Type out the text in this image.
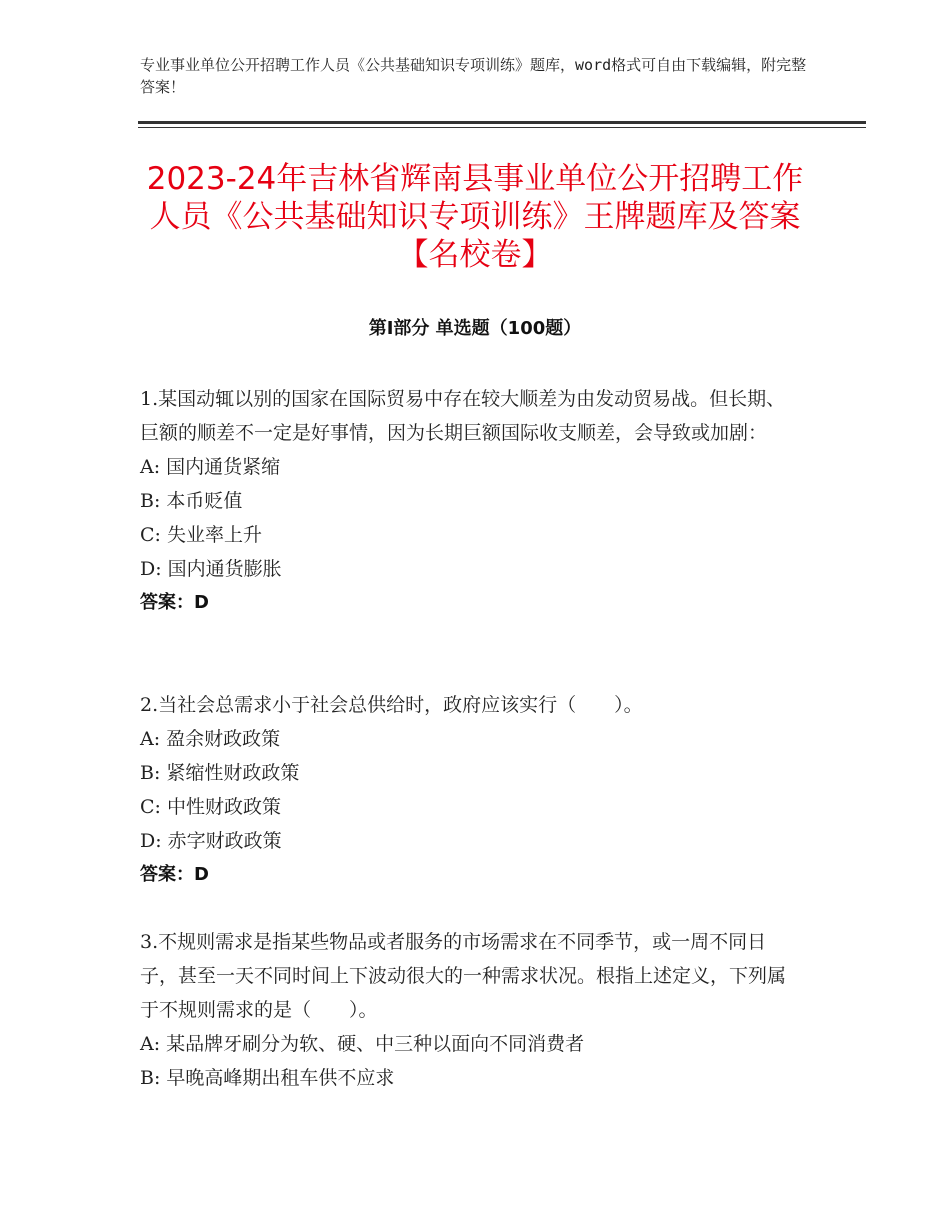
专业事业单位公开招聘工作人员《公共基础知识专项训练》题库，word格式可自由下载编辑，附完整答案！
2023-24年吉林省辉南县事业单位公开招聘工作人员《公共基础知识专项训练》王牌题库及答案【名校卷】
第Ⅰ部分 单选题（100题）

1.某国动辄以别的国家在国际贸易中存在较大顺差为由发动贸易战。但长期、巨额的顺差不一定是好事情，因为长期巨额国际收支顺差，会导致或加剧：

A: 国内通货紧缩

B: 本币贬值

C: 失业率上升

D: 国内通货膨胀

答案：D

2.当社会总需求小于社会总供给时，政府应该实行（　　）。

A: 盈余财政政策

B: 紧缩性财政政策

C: 中性财政政策

D: 赤字财政政策

答案：D

3.不规则需求是指某些物品或者服务的市场需求在不同季节，或一周不同日子，甚至一天不同时间上下波动很大的一种需求状况。根指上述定义，下列属于不规则需求的是（　　）。

A: 某品牌牙刷分为软、硬、中三种以面向不同消费者

B: 早晚高峰期出租车供不应求
